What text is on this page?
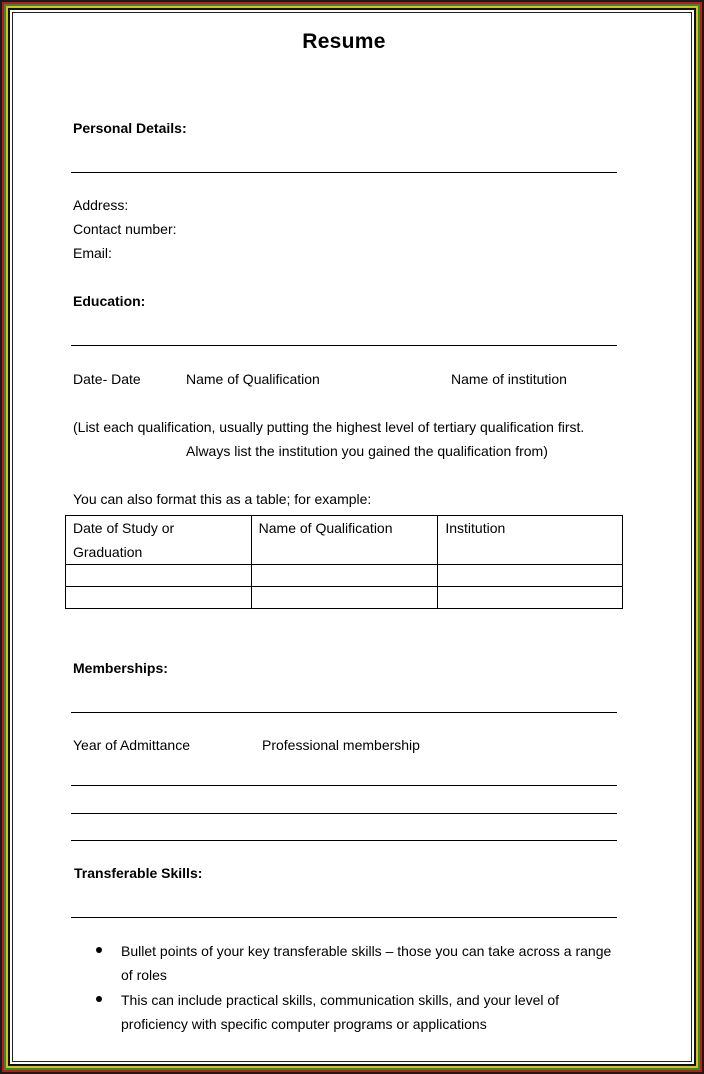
Resume
Personal Details:
Address:
Contact number:
Email:
Education:
Date- Date	Name of Qualification	Name of institution
(List each qualification, usually putting the highest level of tertiary qualification first.
Always list the institution you gained the qualification from)
You can also format this as a table; for example:
Date of Study or Graduation	Name of Qualification	Institution

Memberships:
Year of Admittance	Professional membership
Transferable Skills:
Bullet points of your key transferable skills – those you can take across a range of roles
This can include practical skills, communication skills, and your level of proficiency with specific computer programs or applications
